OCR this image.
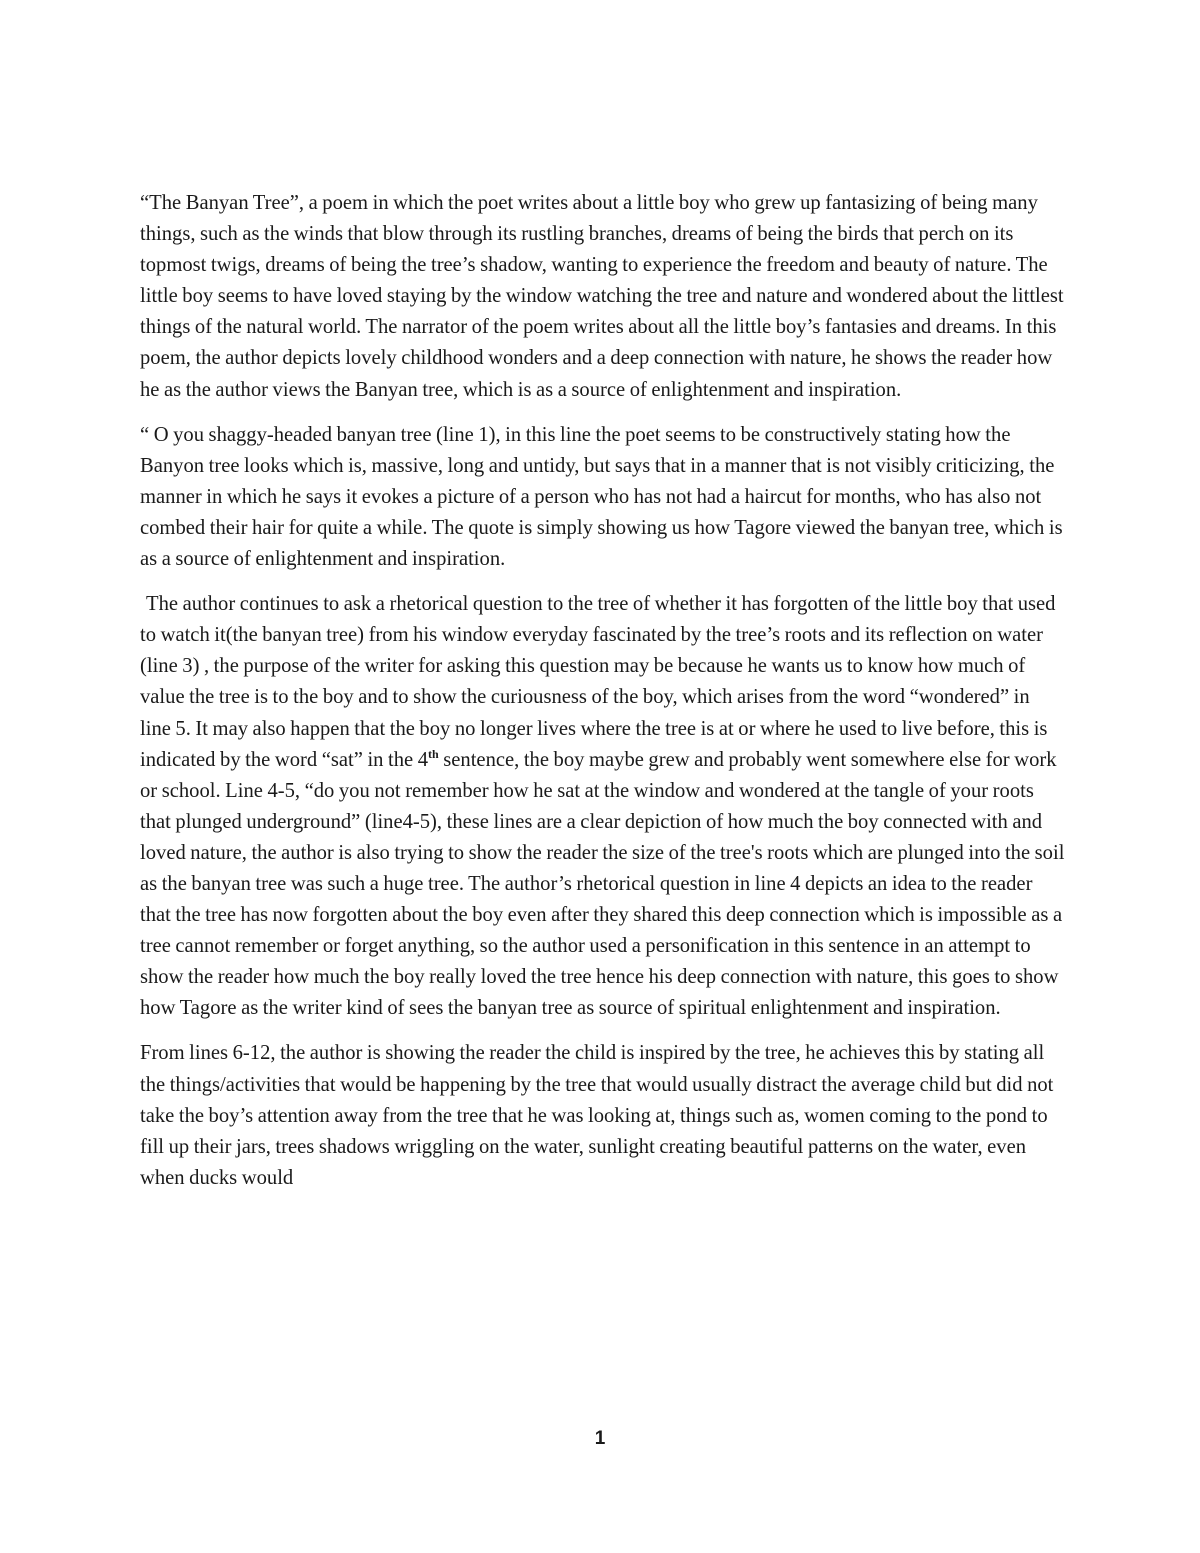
“The Banyan Tree”, a poem in which the poet writes about a little boy who grew up fantasizing of being many things, such as the winds that blow through its rustling branches, dreams of being the birds that perch on its topmost twigs, dreams of being the tree’s shadow, wanting to experience the freedom and beauty of nature. The little boy seems to have loved staying by the window watching the tree and nature and wondered about the littlest things of the natural world. The narrator of the poem writes about all the little boy’s fantasies and dreams. In this poem, the author depicts lovely childhood wonders and a deep connection with nature, he shows the reader how he as the author views the Banyan tree, which is as a source of enlightenment and inspiration.

“ O you shaggy-headed banyan tree (line 1), in this line the poet seems to be constructively stating how the Banyon tree looks which is, massive, long and untidy, but says that in a manner that is not visibly criticizing, the manner in which he says it evokes a picture of a person who has not had a haircut for months, who has also not combed their hair for quite a while. The quote is simply showing us how Tagore viewed the banyan tree, which is as a source of enlightenment and inspiration.

The author continues to ask a rhetorical question to the tree of whether it has forgotten of the little boy that used to watch it(the banyan tree) from his window everyday fascinated by the tree’s roots and its reflection on water (line 3) , the purpose of the writer for asking this question may be because he wants us to know how much of value the tree is to the boy and to show the curiousness of the boy, which arises from the word “wondered” in line 5. It may also happen that the boy no longer lives where the tree is at or where he used to live before, this is indicated by the word “sat” in the 4th sentence, the boy maybe grew and probably went somewhere else for work or school. Line 4-5, “do you not remember how he sat at the window and wondered at the tangle of your roots that plunged underground” (line4-5), these lines are a clear depiction of how much the boy connected with and loved nature, the author is also trying to show the reader the size of the tree's roots which are plunged into the soil as the banyan tree was such a huge tree. The author’s rhetorical question in line 4 depicts an idea to the reader that the tree has now forgotten about the boy even after they shared this deep connection which is impossible as a tree cannot remember or forget anything, so the author used a personification in this sentence in an attempt to show the reader how much the boy really loved the tree hence his deep connection with nature, this goes to show how Tagore as the writer kind of sees the banyan tree as source of spiritual enlightenment and inspiration.

From lines 6-12, the author is showing the reader the child is inspired by the tree, he achieves this by stating all the things/activities that would be happening by the tree that would usually distract the average child but did not take the boy’s attention away from the tree that he was looking at, things such as, women coming to the pond to fill up their jars, trees shadows wriggling on the water, sunlight creating beautiful patterns on the water, even when ducks would

1
